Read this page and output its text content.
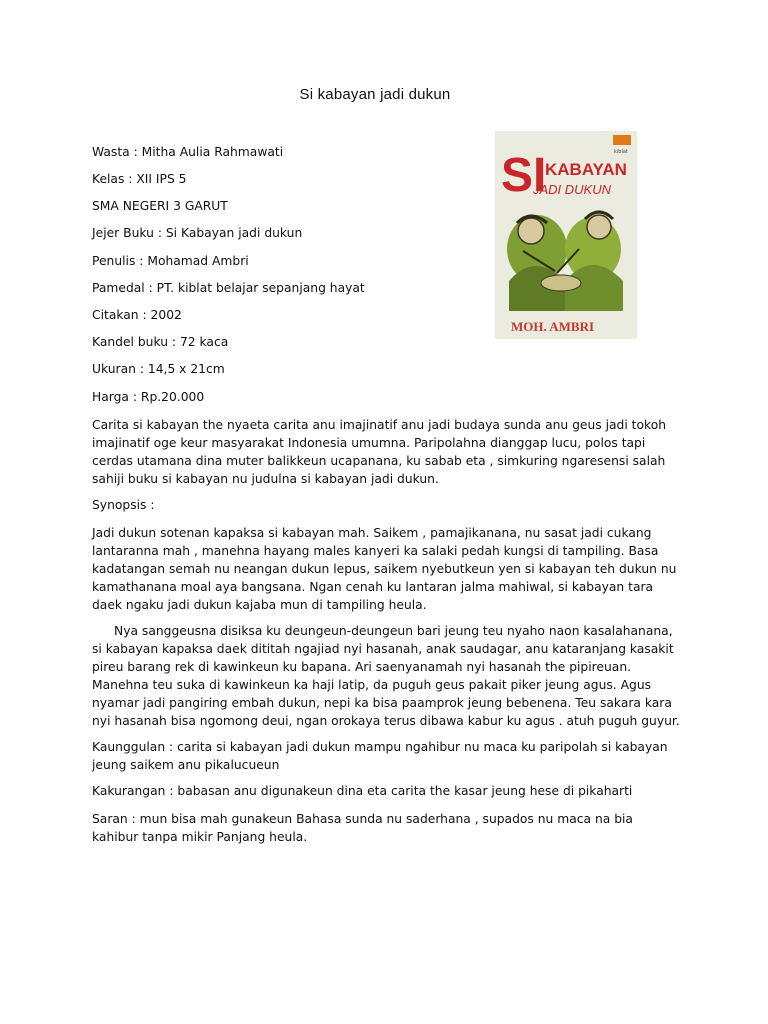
Si kabayan jadi dukun
Wasta : Mitha Aulia Rahmawati
Kelas : XII IPS 5
SMA NEGERI 3 GARUT
Jejer Buku : Si Kabayan jadi dukun
Penulis : Mohamad Ambri
Pamedal : PT. kiblat belajar sepanjang hayat
Citakan : 2002
Kandel buku : 72 kaca
Ukuran : 14,5 x 21cm
Harga : Rp.20.000
kiblat
SI
KABAYAN
JADI DUKUN
MOH. AMBRI
Carita si kabayan the nyaeta carita anu imajinatif anu jadi budaya sunda anu geus jadi tokoh imajinatif oge keur masyarakat Indonesia umumna. Paripolahna dianggap lucu, polos tapi cerdas utamana dina muter balikkeun ucapanana, ku sabab eta , simkuring ngaresensi salah sahiji buku si kabayan nu judulna si kabayan jadi dukun.
Synopsis :
Jadi dukun sotenan kapaksa si kabayan mah. Saikem , pamajikanana, nu sasat jadi cukang lantaranna mah , manehna hayang males kanyeri ka salaki pedah kungsi di tampiling. Basa kadatangan semah nu neangan dukun lepus, saikem nyebutkeun yen si kabayan teh dukun nu kamathanana moal aya bangsana. Ngan cenah ku lantaran jalma mahiwal, si kabayan tara daek ngaku jadi dukun kajaba mun di tampiling heula.
Nya sanggeusna disiksa ku deungeun-deungeun bari jeung teu nyaho naon kasalahanana, si kabayan kapaksa daek dititah ngajiad nyi hasanah, anak saudagar, anu kataranjang kasakit pireu barang rek di kawinkeun ku bapana. Ari saenyanamah nyi hasanah the pipireuan. Manehna teu suka di kawinkeun ka haji latip, da puguh geus pakait piker jeung agus. Agus nyamar jadi pangiring embah dukun, nepi ka bisa paamprok jeung bebenena. Teu sakara kara nyi hasanah bisa ngomong deui, ngan orokaya terus dibawa kabur ku agus . atuh puguh guyur.
Kaunggulan : carita si kabayan jadi dukun mampu ngahibur nu maca ku paripolah si kabayan jeung saikem anu pikalucueun
Kakurangan : babasan anu digunakeun dina eta carita the kasar jeung hese di pikaharti
Saran : mun bisa mah gunakeun Bahasa sunda nu saderhana , supados nu maca na bia kahibur tanpa mikir Panjang heula.
